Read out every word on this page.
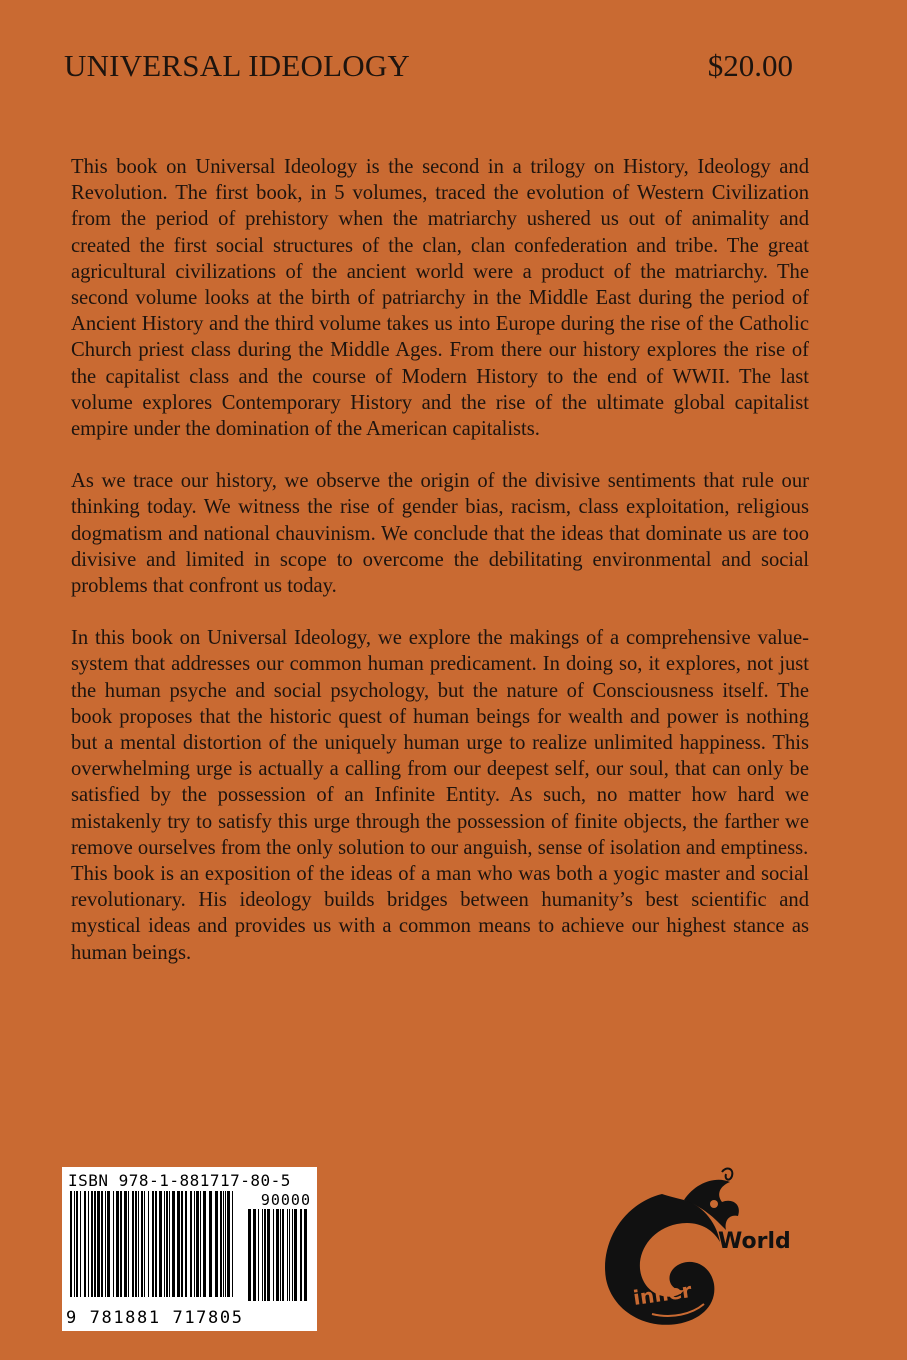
UNIVERSAL IDEOLOGY	$20.00

This book on Universal Ideology is the second in a trilogy on History, Ideology and Revolution. The first book, in 5 volumes, traced the evolution of Western Civilization from the period of prehistory when the matriarchy ushered us out of animality and created the first social structures of the clan, clan confederation and tribe. The great agricultural civilizations of the ancient world were a product of the matriarchy. The second volume looks at the birth of patriarchy in the Middle East during the period of Ancient History and the third volume takes us into Europe during the rise of the Catholic Church priest class during the Middle Ages. From there our history explores the rise of the capitalist class and the course of Modern History to the end of WWII. The last volume explores Contemporary History and the rise of the ultimate global capitalist empire under the domination of the American capitalists.

As we trace our history, we observe the origin of the divisive sentiments that rule our thinking today. We witness the rise of gender bias, racism, class exploitation, religious dogmatism and national chauvinism. We conclude that the ideas that dominate us are too divisive and limited in scope to overcome the debilitating environmental and social problems that confront us today.

In this book on Universal Ideology, we explore the makings of a comprehensive value-system that addresses our common human predicament. In doing so, it explores, not just the human psyche and social psychology, but the nature of Consciousness itself. The book proposes that the historic quest of human beings for wealth and power is nothing but a mental distortion of the uniquely human urge to realize unlimited happiness. This overwhelming urge is actually a calling from our deepest self, our soul, that can only be satisfied by the possession of an Infinite Entity. As such, no matter how hard we mistakenly try to satisfy this urge through the possession of finite objects, the farther we remove ourselves from the only solution to our anguish, sense of isolation and emptiness.

This book is an exposition of the ideas of a man who was both a yogic master and social revolutionary. His ideology builds bridges between humanity’s best scientific and mystical ideas and provides us with a common means to achieve our highest stance as human beings.

ISBN 978-1-881717-80-5
90000
9 781881 717805
World
inner
